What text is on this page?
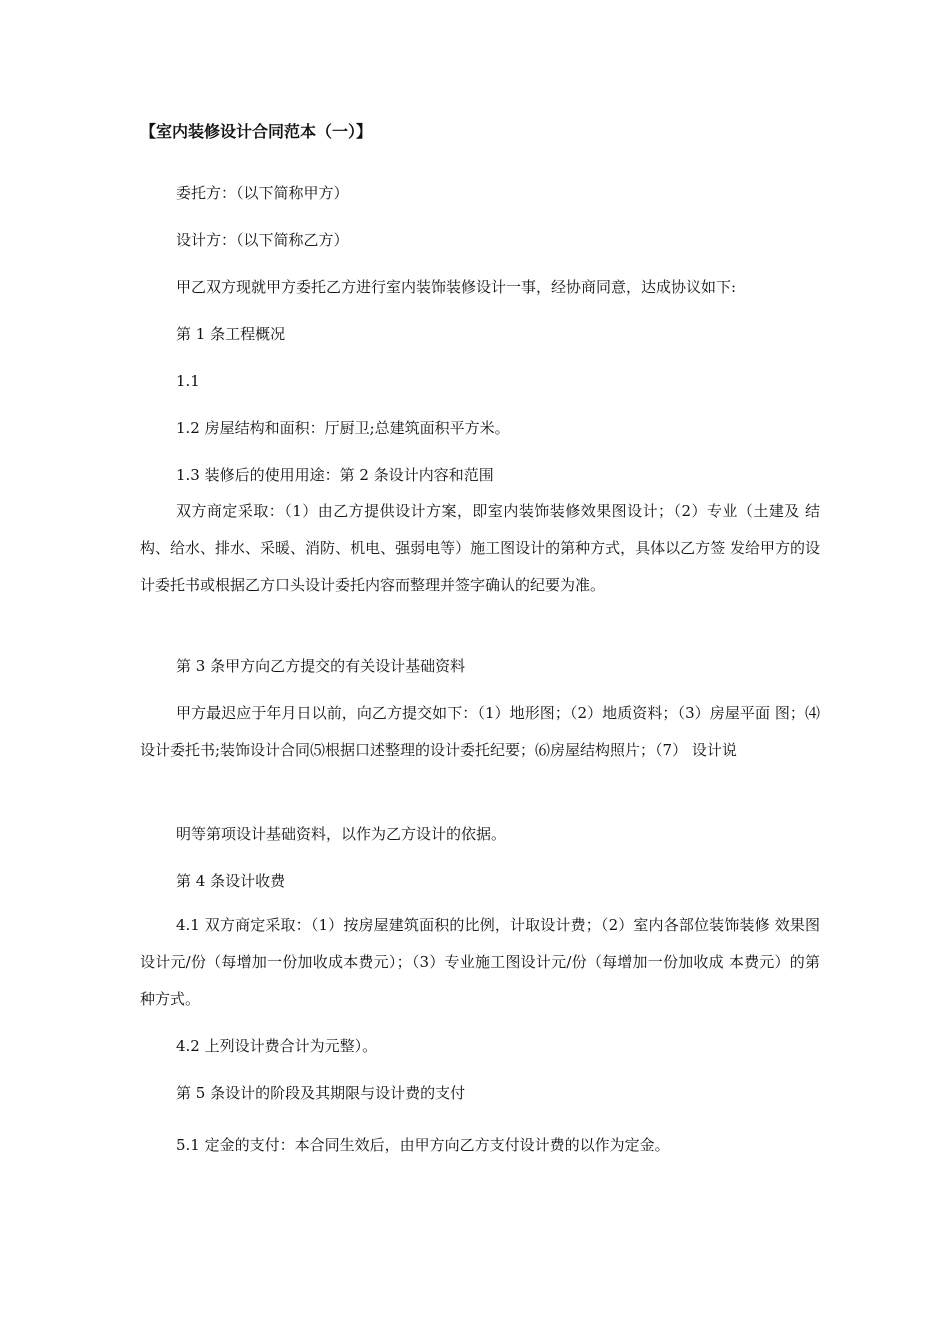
【室内装修设计合同范本（一）】
委托方：（以下简称甲方）
设计方：（以下简称乙方）
甲乙双方现就甲方委托乙方进行室内装饰装修设计一事，经协商同意，达成协议如下:
第 1 条工程概况
1.1
1.2 房屋结构和面积：厅厨卫;总建筑面积平方米。
1.3 装修后的使用用途：第 2 条设计内容和范围
双方商定采取：（1）由乙方提供设计方案，即室内装饰装修效果图设计；（2）专业（土建及 结构、给水、排水、采暖、消防、机电、强弱电等）施工图设计的第种方式，具体以乙方签 发给甲方的设计委托书或根据乙方口头设计委托内容而整理并签字确认的纪要为准。
第 3 条甲方向乙方提交的有关设计基础资料
甲方最迟应于年月日以前，向乙方提交如下：（1）地形图；（2）地质资料；（3）房屋平面 图；⑷设计委托书;装饰设计合同⑸根据口述整理的设计委托纪要；⑹房屋结构照片；（7） 设计说
明等第项设计基础资料，以作为乙方设计的依据。
第 4 条设计收费
4.1 双方商定采取：（1）按房屋建筑面积的比例，计取设计费；（2）室内各部位装饰装修 效果图设计元/份（每增加一份加收成本费元）；（3）专业施工图设计元/份（每增加一份加收成 本费元）的第种方式。
4.2 上列设计费合计为元整）。
第 5 条设计的阶段及其期限与设计费的支付
5.1 定金的支付：本合同生效后，由甲方向乙方支付设计费的以作为定金。
